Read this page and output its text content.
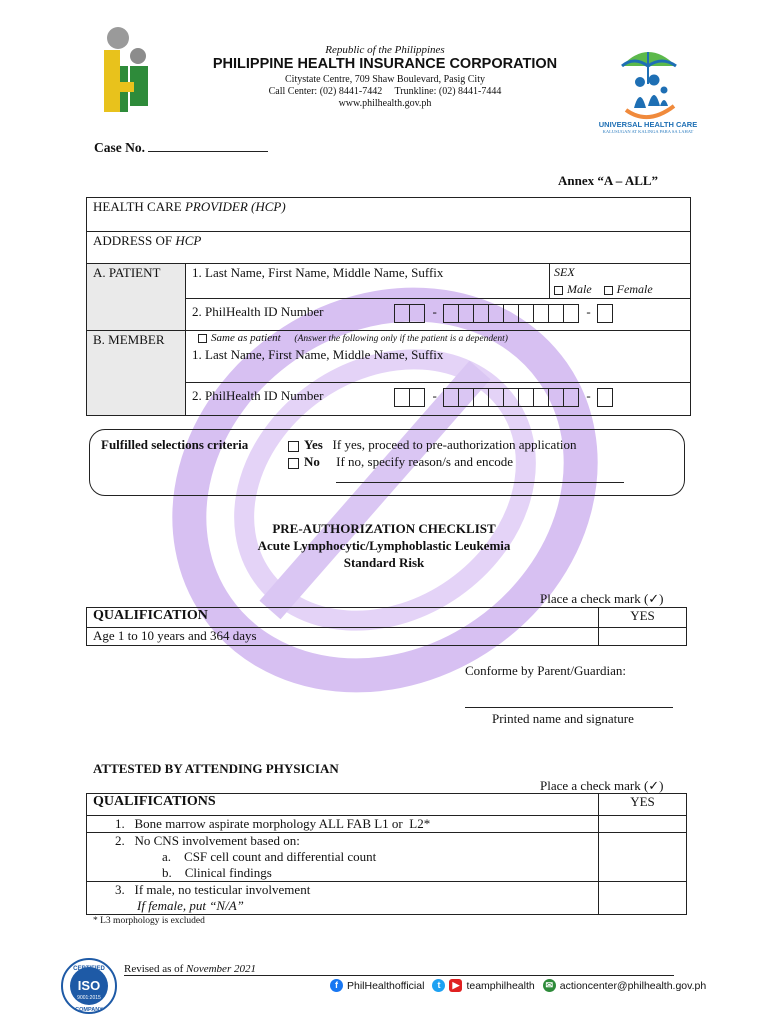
Republic of the Philippines
PHILIPPINE HEALTH INSURANCE CORPORATION
Citystate Centre, 709 Shaw Boulevard, Pasig City
Call Center: (02) 8441-7442     Trunkline: (02) 8441-7444
www.philhealth.gov.ph
UNIVERSAL HEALTH CARE
KALUSUGAN AT KALINGA PARA SA LAHAT
Case No.
Annex “A – ALL”
HEALTH CARE PROVIDER (HCP)		
ADDRESS OF HCP		
A. PATIENT	1. Last Name, First Name, Middle Name, Suffix	SEX
Male Female

	2. PhilHealth ID Number - -	
B. MEMBER	Same as patient (Answer the following only if the patient is a dependent)
1. Last Name, First Name, Middle Name, Suffix	

	2. PhilHealth ID Number - -	
Fulfilled selections criteria	Yes If yes, proceed to pre-authorization application
No If no, specify reason/s and encode
PRE-AUTHORIZATION CHECKLIST
Acute Lymphocytic/Lymphoblastic Leukemia
Standard Risk
Place a check mark (✓)
QUALIFICATION	YES
Age 1 to 10 years and 364 days	
Conforme by Parent/Guardian:
Printed name and signature
ATTESTED BY ATTENDING PHYSICIAN
Place a check mark (✓)
QUALIFICATIONS	YES
1.   Bone marrow aspirate morphology ALL FAB L1 or  L2*	

2.   No CNS involvement based on:
a.    CSF cell count and differential count
b.    Clinical findings	

3.   If male, no testicular involvement
If female, put “N/A”	

* L3 morphology is excluded
CERTIFIED
ISO
9001:2015
COMPANY
Revised as of November 2021
f PhilHealthofficial	t	▶ teamphilhealth	✉ actioncenter@philhealth.gov.ph
